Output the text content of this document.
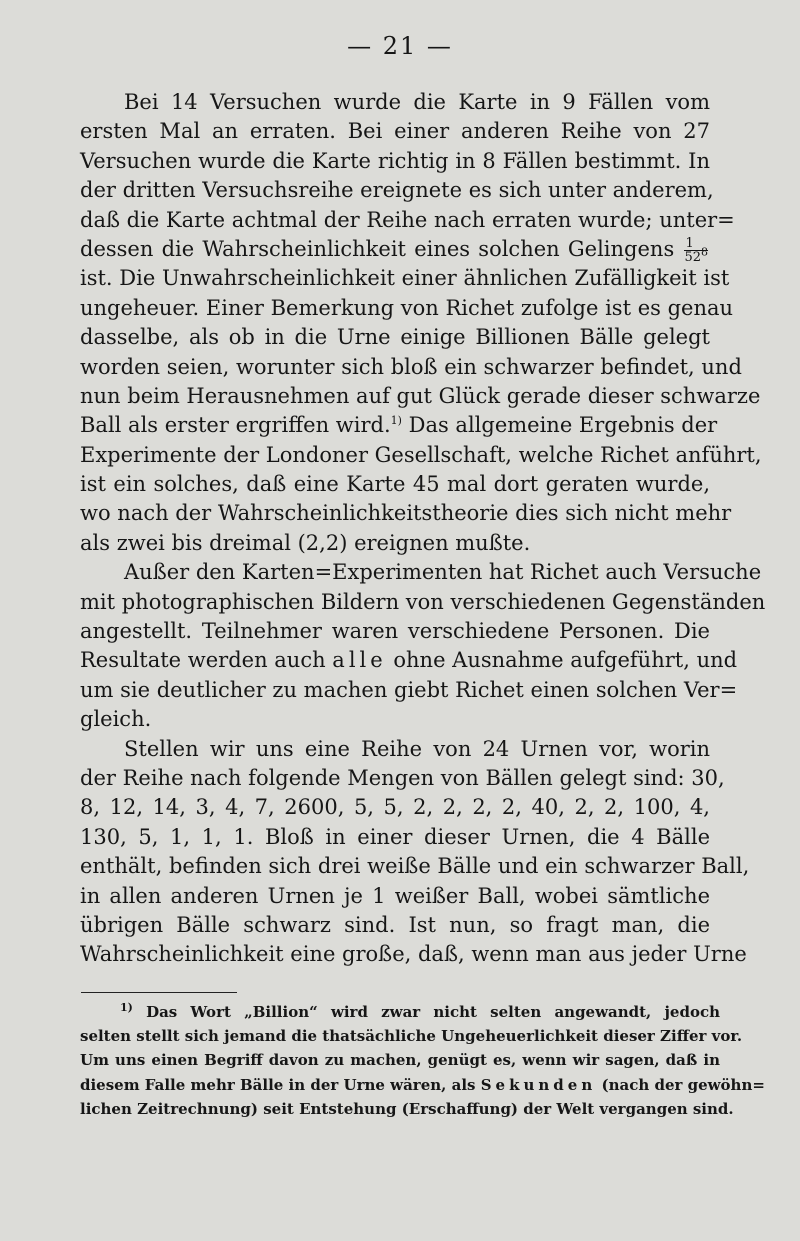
— 21 —
Bei 14 Versuchen wurde die Karte in 9 Fällen vom
ersten Mal an erraten. Bei einer anderen Reihe von 27
Versuchen wurde die Karte richtig in 8 Fällen bestimmt. In
der dritten Versuchsreihe ereignete es sich unter anderem,
daß die Karte achtmal der Reihe nach erraten wurde; unter=
dessen die Wahrscheinlichkeit eines solchen Gelingens $\frac{1}{52^8}$
ist. Die Unwahrscheinlichkeit einer ähnlichen Zufälligkeit ist
ungeheuer. Einer Bemerkung von Richet zufolge ist es genau
dasselbe, als ob in die Urne einige Billionen Bälle gelegt
worden seien, worunter sich bloß ein schwarzer befindet, und
nun beim Herausnehmen auf gut Glück gerade dieser schwarze
Ball als erster ergriffen wird.$^{1)}$ Das allgemeine Ergebnis der
Experimente der Londoner Gesellschaft, welche Richet anführt,
ist ein solches, daß eine Karte 45 mal dort geraten wurde,
wo nach der Wahrscheinlichkeitstheorie dies sich nicht mehr
als zwei bis dreimal (2,2) ereignen mußte.
Außer den Karten=Experimenten hat Richet auch Versuche
mit photographischen Bildern von verschiedenen Gegenständen
angestellt. Teilnehmer waren verschiedene Personen. Die
Resultate werden auch alle ohne Ausnahme aufgeführt, und
um sie deutlicher zu machen giebt Richet einen solchen Ver=
gleich.
Stellen wir uns eine Reihe von 24 Urnen vor, worin
der Reihe nach folgende Mengen von Bällen gelegt sind: 30,
8, 12, 14, 3, 4, 7, 2600, 5, 5, 2, 2, 2, 2, 40, 2, 2, 100, 4,
130, 5, 1, 1, 1. Bloß in einer dieser Urnen, die 4 Bälle
enthält, befinden sich drei weiße Bälle und ein schwarzer Ball,
in allen anderen Urnen je 1 weißer Ball, wobei sämtliche
übrigen Bälle schwarz sind. Ist nun, so fragt man, die
Wahrscheinlichkeit eine große, daß, wenn man aus jeder Urne
$^{1)}$ Das Wort „Billion“ wird zwar nicht selten angewandt, jedoch
selten stellt sich jemand die thatsächliche Ungeheuerlichkeit dieser Ziffer vor.
Um uns einen Begriff davon zu machen, genügt es, wenn wir sagen, daß in
diesem Falle mehr Bälle in der Urne wären, als Sekunden (nach der gewöhn=
lichen Zeitrechnung) seit Entstehung (Erschaffung) der Welt vergangen sind.
